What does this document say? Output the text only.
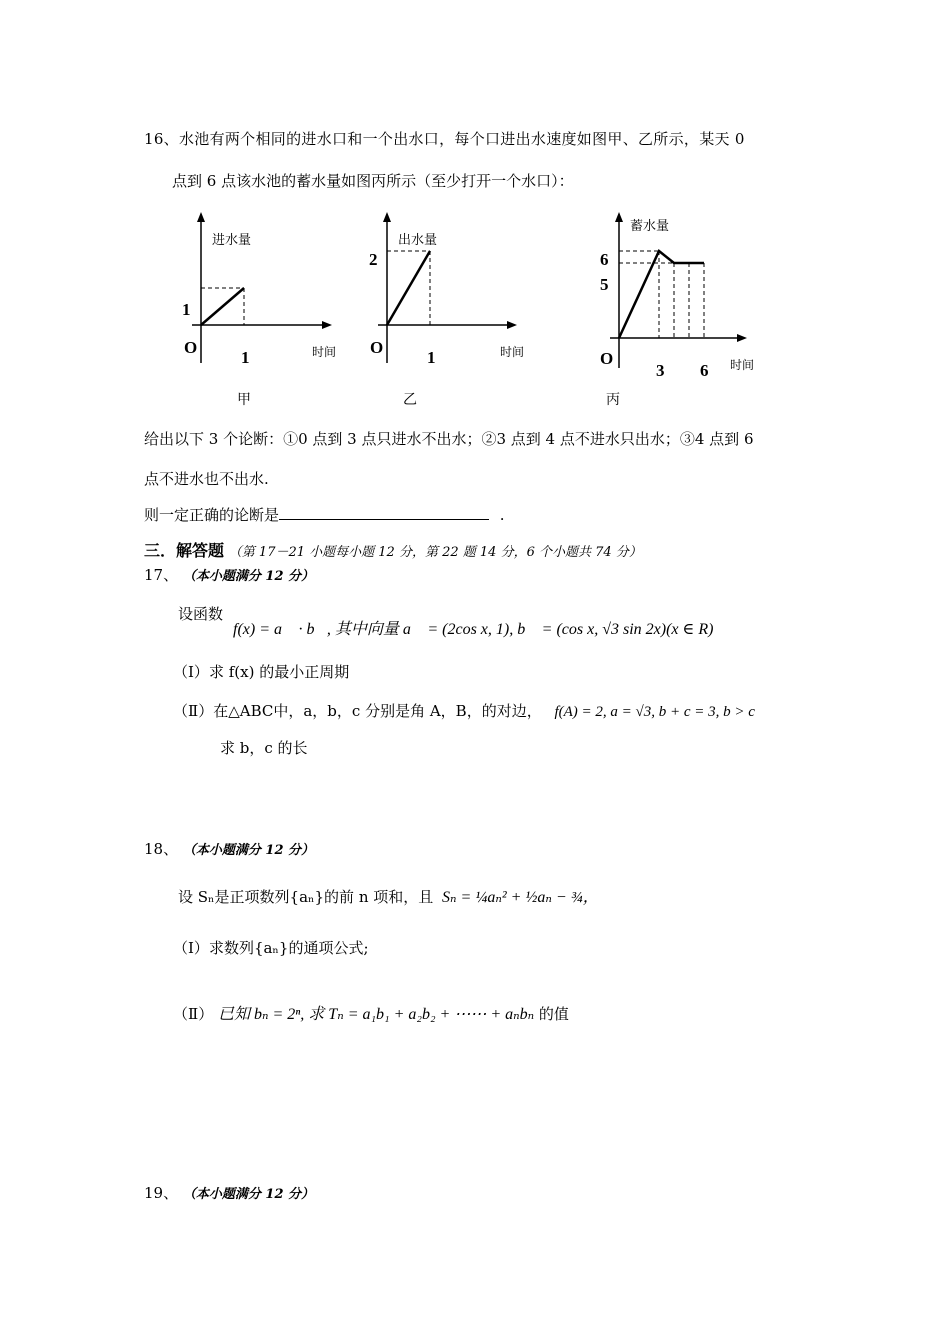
16、水池有两个相同的进水口和一个出水口，每个口进出水速度如图甲、乙所示，某天 0
点到 6 点该水池的蓄水量如图丙所示（至少打开一个水口）：
进水量
1
O
1	时间
甲
出水量
2
O
1	时间
乙
蓄水量
6
5
O
3 6 时间
丙
给出以下 3 个论断：①0 点到 3 点只进水不出水；②3 点到 4 点不进水只出水；③4 点到 6
点不进水也不出水.
则一定正确的论断是	.
三．解答题 （第 17－21 小题每小题 12 分，第 22 题 14 分，6 个小题共 74 分）
17、 （本小题满分 12 分）
设函数
f(x) = a⃗ · b⃗, 其中向量 a⃗ = (2cos x, 1), b⃗ = (cos x, √3 sin 2x)(x ∈ R)
（Ⅰ）求 f(x) 的最小正周期
（Ⅱ）在△ABC中，a，b，c 分别是角 A，B，的对边， f(A) = 2, a = √3, b + c = 3, b > c
求 b，c 的长
18、 （本小题满分 12 分）
设 Sₙ是正项数列{aₙ}的前 n 项和，且 Sₙ = ¼aₙ² + ½aₙ − ¾，
（Ⅰ）求数列{aₙ}的通项公式;
（Ⅱ） 已知 bₙ = 2ⁿ, 求 Tₙ = a₁b₁ + a₂b₂ + ⋯⋯ + aₙbₙ 的值
19、 （本小题满分 12 分）
